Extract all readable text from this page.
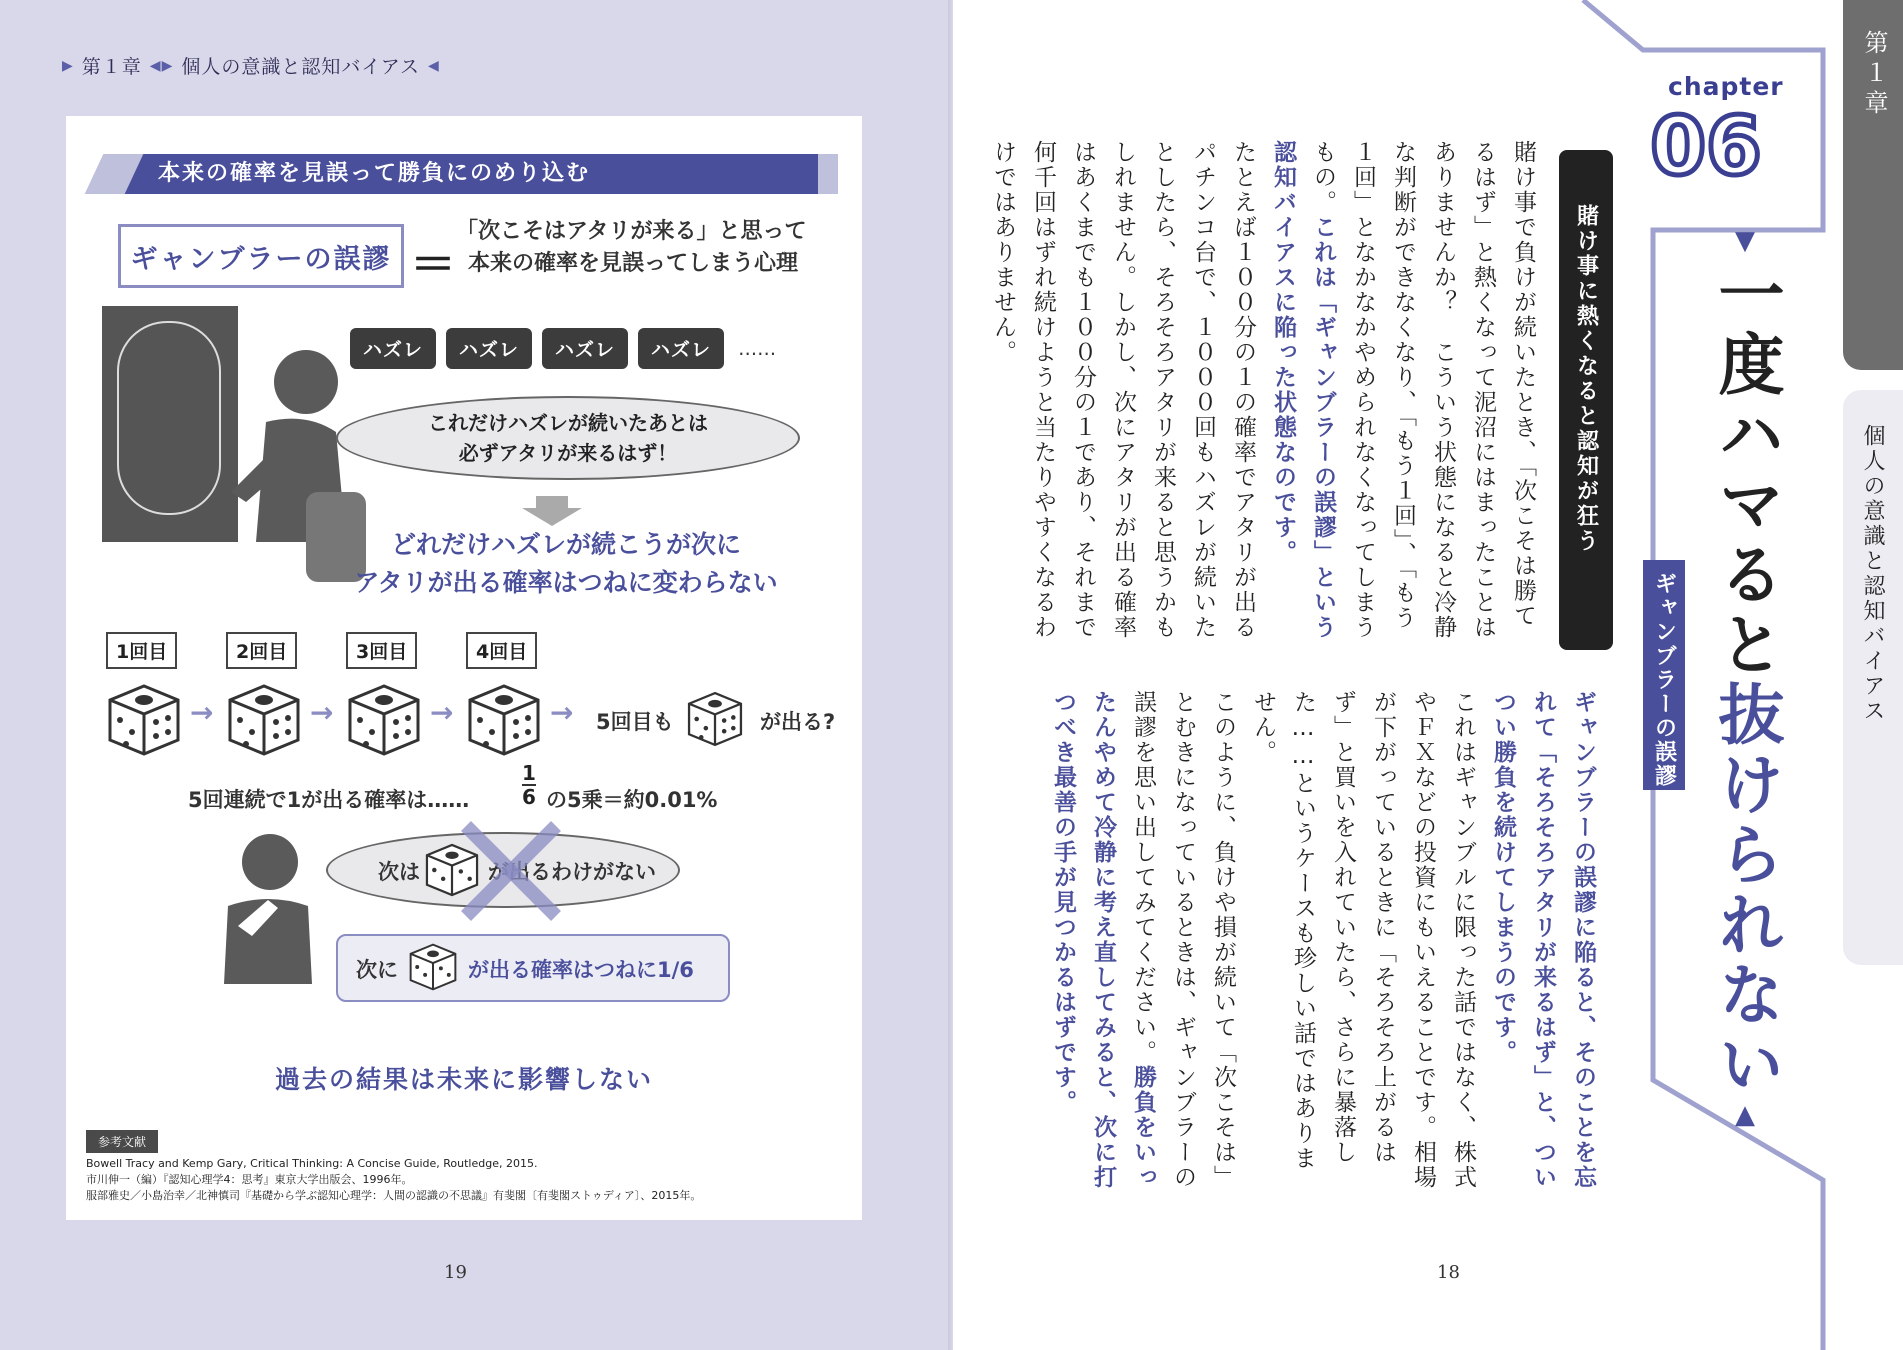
▶ 第１章 ◀▶ 個人の意識と認知バイアス ◀
本来の確率を見誤って勝負にのめり込む
ギャンブラーの誤謬 ＝
「次こそはアタリが来る」と思って
本来の確率を見誤ってしまう心理
ハズレ	ハズレ	ハズレ	ハズレ	……
これだけハズレが続いたあとは
必ずアタリが来るはず！
どれだけハズレが続こうが次に
アタリが出る確率はつねに変わらない
1回目	2回目	3回目	4回目
→	→	→	→ 5回目も	が出る?
5回連続で1が出る確率は……	$\frac{1}{6}$ の5乗＝約0.01%
次は	が出るわけがない
次に	が出る確率はつねに1/6
過去の結果は未来に影響しない
参考文献
Bowell Tracy and Kemp Gary, Critical Thinking: A Concise Guide, Routledge, 2015.
市川伸一（編）『認知心理学4：思考』東京大学出版会、1996年。
服部雅史／小島治幸／北神慎司『基礎から学ぶ認知心理学：人間の認識の不思議』有斐閣〔有斐閣ストゥディア〕、2015年。
19
chapter
06
第１章
個人の意識と認知バイアス
▼一度ハマると抜けられない▲
賭け事に熱くなると認知が狂う
ギャンブラーの誤謬
賭け事で負けが続いたとき、「次こそは勝てるはず」と熱くなって泥沼にはまったことはありませんか？　こういう状態になると冷静な判断ができなくなり、「もう１回」、「もう１回」となかなかやめられなくなってしまうもの。これは「ギャンブラーの誤謬」という認知バイアスに陥った状態なのです。
たとえば１００分の１の確率でアタリが出るパチンコ台で、１０００回もハズレが続いたとしたら、そろそろアタリが来ると思うかもしれません。しかし、次にアタリが出る確率はあくまでも１００分の１であり、それまで何千回はずれ続けようと当たりやすくなるわけではありません。
ギャンブラーの誤謬に陥ると、そのことを忘れて「そろそろアタリが来るはず」と、ついつい勝負を続けてしまうのです。
これはギャンブルに限った話ではなく、株式やＦＸなどの投資にもいえることです。相場が下がっているときに「そろそろ上がるはず」と買いを入れていたら、さらに暴落した……というケースも珍しい話ではありません。
このように、負けや損が続いて「次こそは」とむきになっているときは、ギャンブラーの誤謬を思い出してみてください。勝負をいったんやめて冷静に考え直してみると、次に打つべき最善の手が見つかるはずです。
18
